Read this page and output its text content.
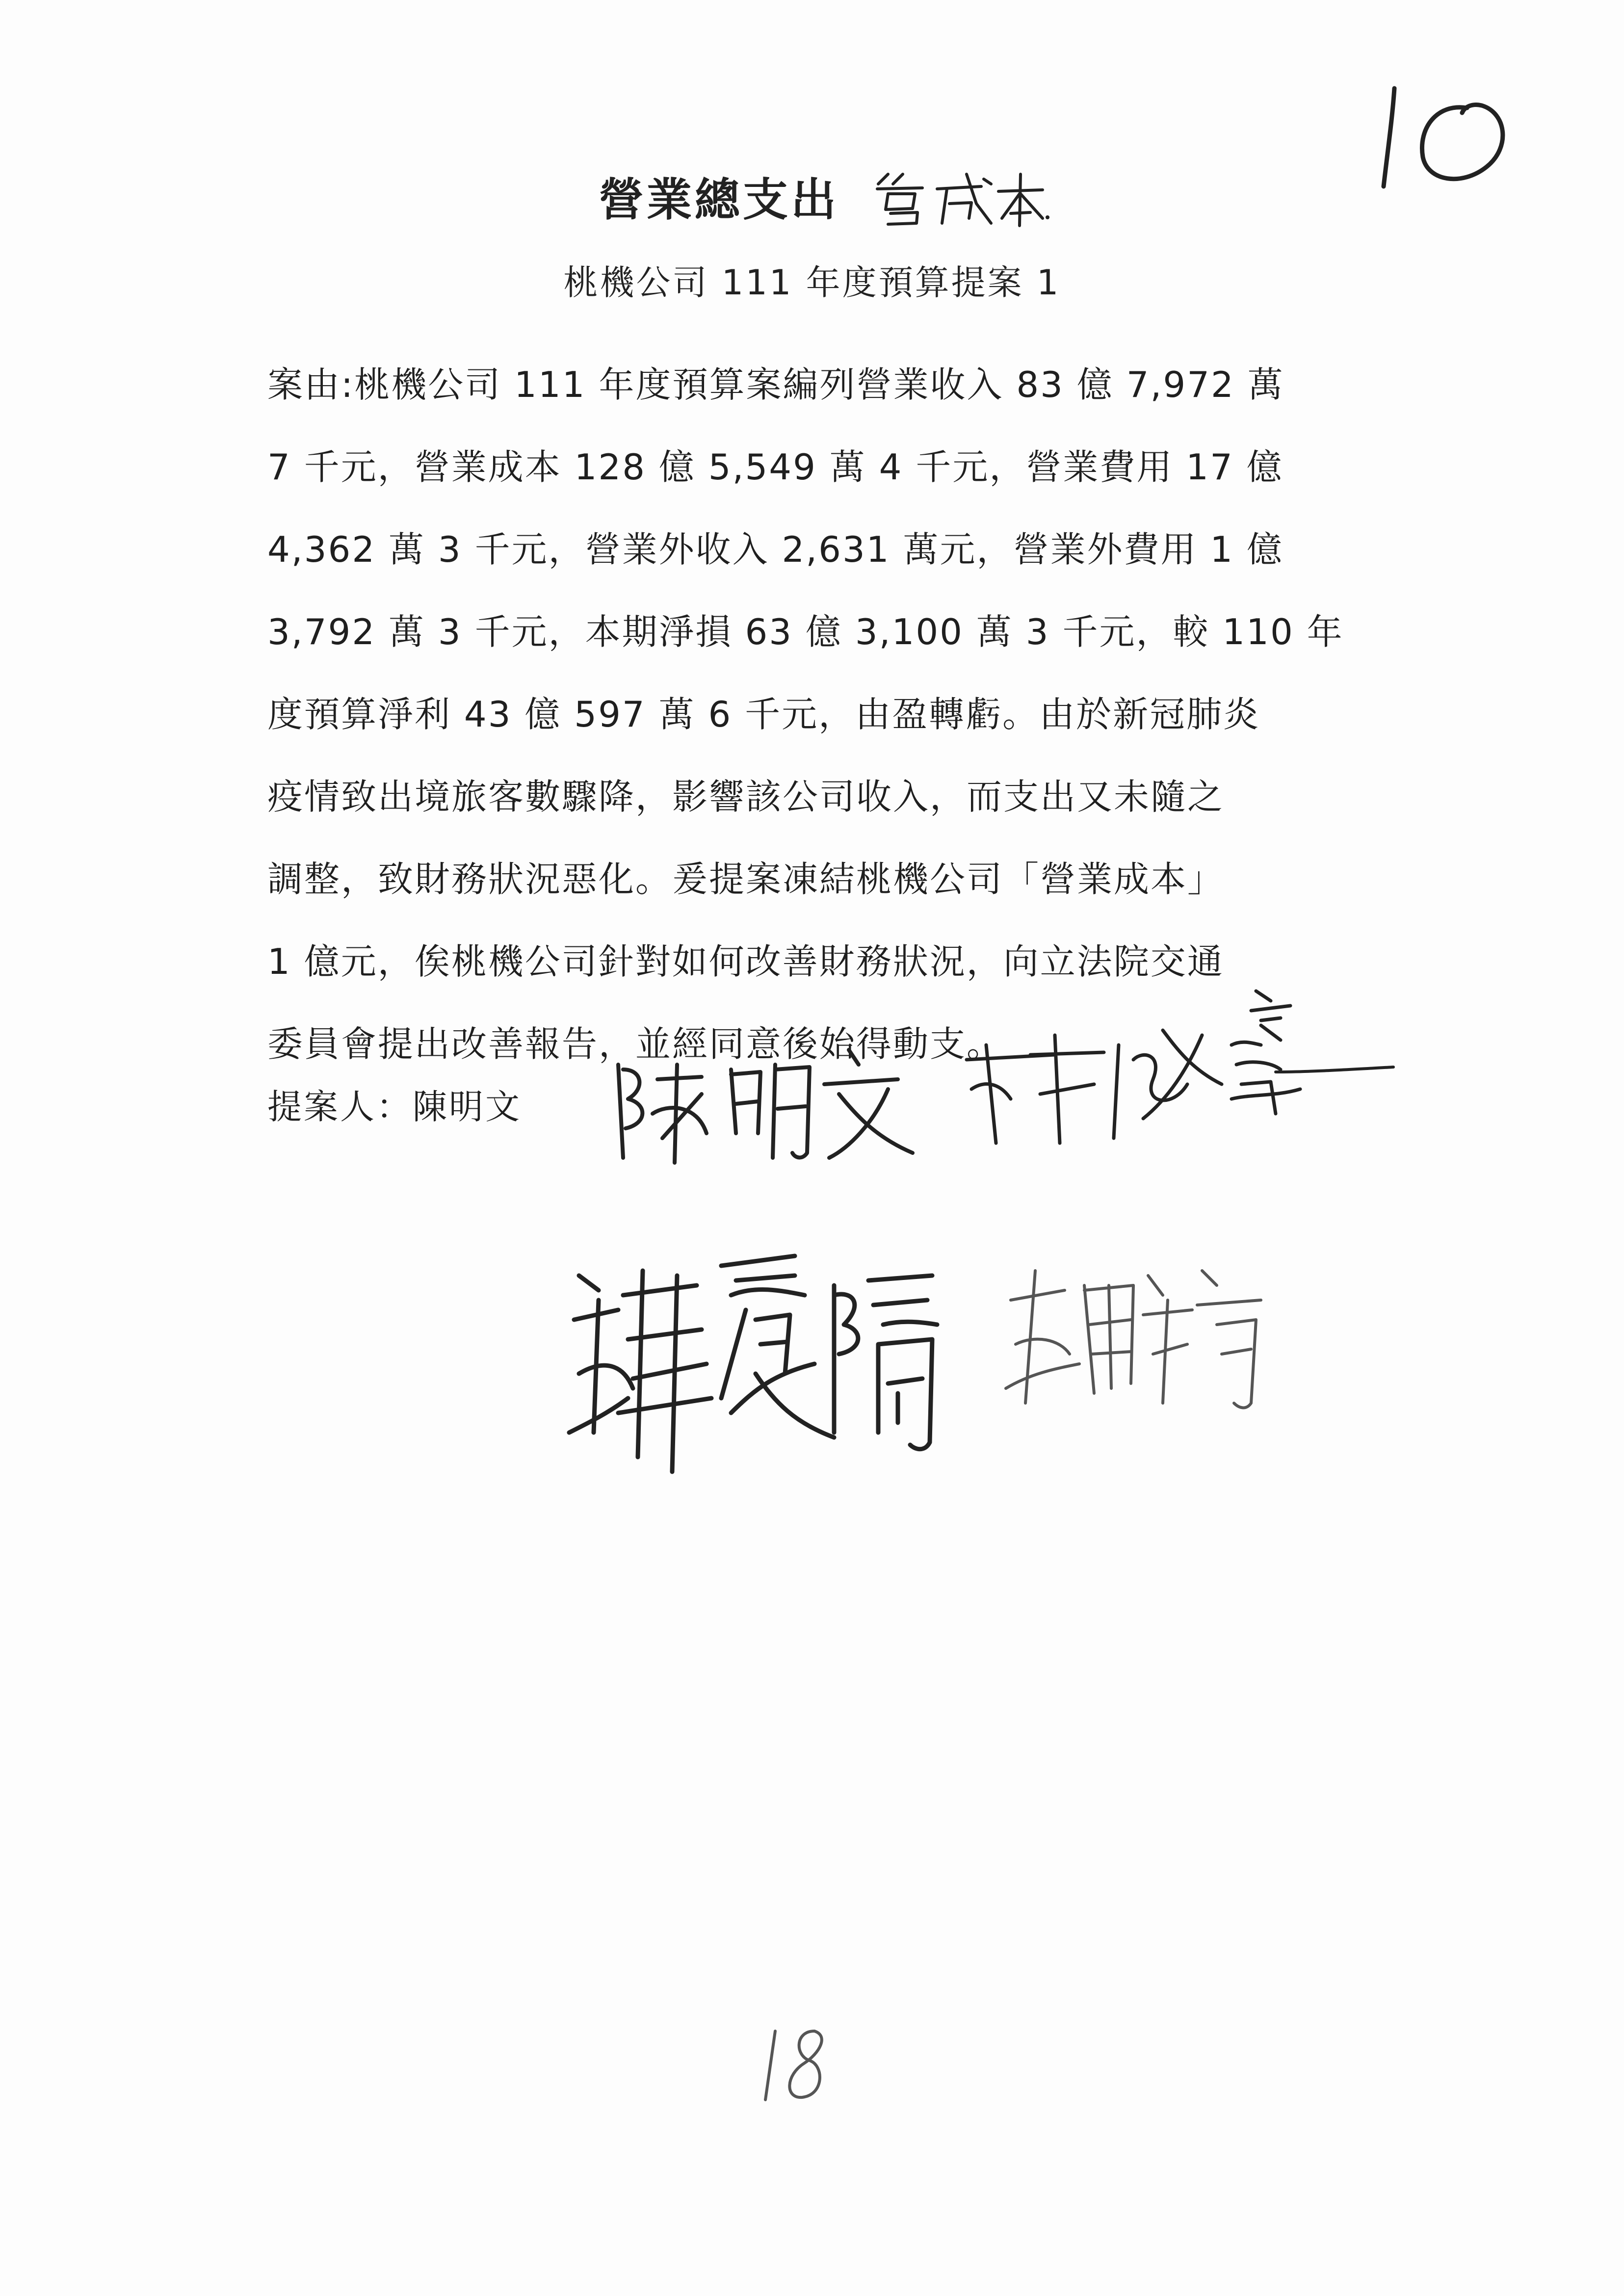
營業總支出
桃機公司 111 年度預算提案 1
案由:桃機公司 111 年度預算案編列營業收入 83 億 7,972 萬
7 千元，營業成本 128 億 5,549 萬 4 千元，營業費用 17 億
4,362 萬 3 千元，營業外收入 2,631 萬元，營業外費用 1 億
3,792 萬 3 千元，本期淨損 63 億 3,100 萬 3 千元，較 110 年
度預算淨利 43 億 597 萬 6 千元，由盈轉虧。由於新冠肺炎
疫情致出境旅客數驟降，影響該公司收入，而支出又未隨之
調整，致財務狀況惡化。爰提案凍結桃機公司「營業成本」
1 億元，俟桃機公司針對如何改善財務狀況，向立法院交通
委員會提出改善報告，並經同意後始得動支。
提案人：陳明文
